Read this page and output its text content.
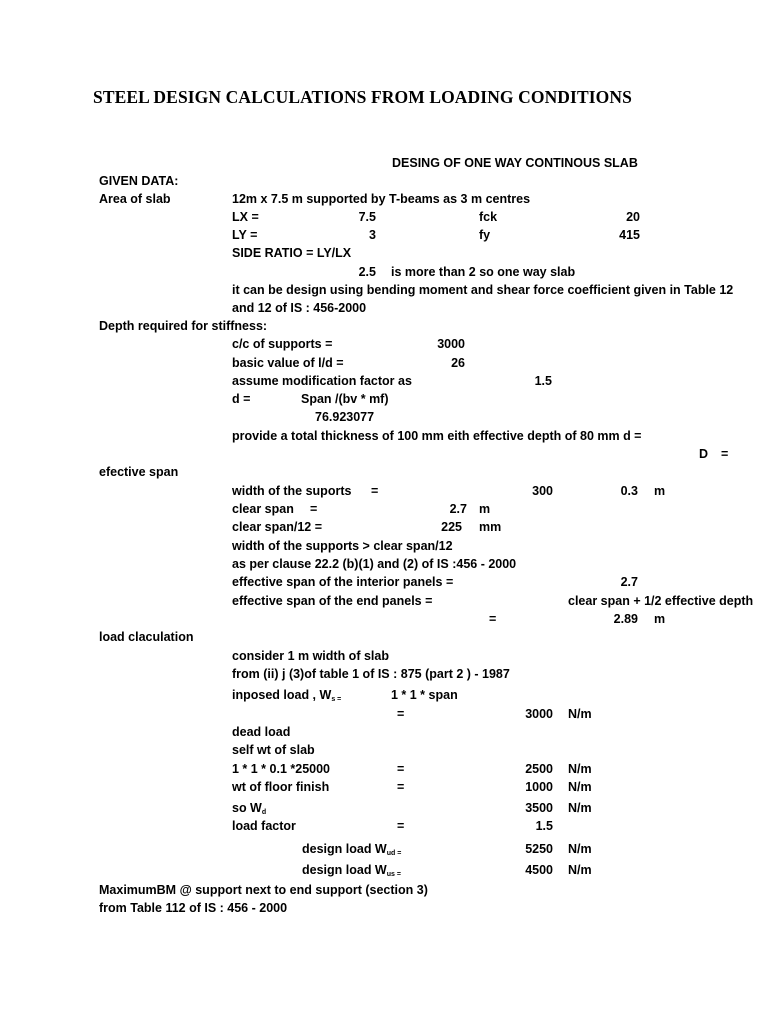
STEEL DESIGN CALCULATIONS FROM LOADING CONDITIONS
DESING OF ONE WAY CONTINOUS SLAB
GIVEN DATA:
Area of slab	12m x 7.5 m supported by T-beams as 3 m centres
LX =	7.5	fck	20
LY =	3	fy	415
SIDE RATIO = LY/LX
2.5 is more than 2 so one way slab
it can be design using bending moment and shear force coefficient given in Table 12
and 12 of IS : 456-2000
Depth required for stiffness:
c/c of supports =	3000
basic value of l/d =	26
assume modification factor as	1.5
d =	Span /(bv * mf)
76.923077
provide a total thickness of 100 mm eith effective depth of 80 mm d =
D =
efective span
width of the suports =	300	0.3 m
clear span =	2.7 m
clear span/12 =	225 mm
width of the supports > clear span/12
as per clause 22.2 (b)(1) and (2) of IS :456 - 2000
effective span of the interior panels =	2.7
effective span of the end panels =	clear span + 1/2 effective depth
=	2.89 m
load claculation
consider 1 m width of slab
from (ii) j (3)of table 1 of IS : 875 (part 2 ) - 1987
inposed load , $W_{s =}$	1 * 1 * span
=	3000 N/m
dead load
self wt of slab
1 * 1 * 0.1 *25000	=	2500 N/m
wt of floor finish	=	1000 N/m
so $W_d$	3500 N/m
load factor	=	1.5
design load $W_{ud =}$	5250 N/m
design load $W_{us =}$	4500 N/m
MaximumBM @ support next to end support (section 3)
from Table 112 of IS : 456 - 2000
